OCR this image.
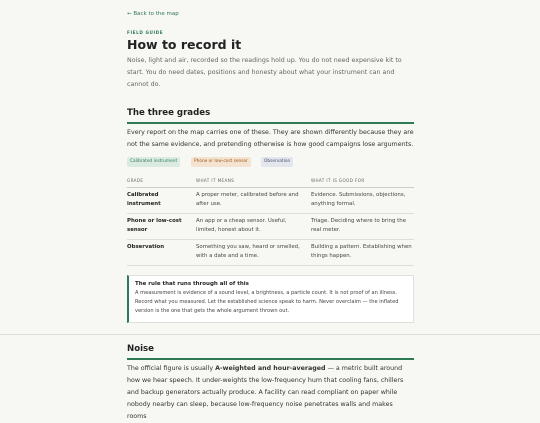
← Back to the map
FIELD GUIDE
How to record it

Noise, light and air, recorded so the readings hold up. You do not need expensive kit to start. You do need dates, positions and honesty about what your instrument can and cannot do.

The three grades

Every report on the map carries one of these. They are shown differently because they are not the same evidence, and pretending otherwise is how good campaigns lose arguments.

Calibrated instrument	Phone or low-cost sensor	Observation
GRADE	WHAT IT MEANS	WHAT IT IS GOOD FOR
Calibrated instrument	A proper meter, calibrated before and after use.	Evidence. Submissions, objections, anything formal.
Phone or low-cost sensor	An app or a cheap sensor. Useful, limited, honest about it.	Triage. Deciding where to bring the real meter.
Observation	Something you saw, heard or smelled, with a date and a time.	Building a pattern. Establishing when things happen.
The rule that runs through all of this
A measurement is evidence of a sound level, a brightness, a particle count. It is not proof of an illness. Record what you measured. Let the established science speak to harm. Never overclaim — the inflated version is the one that gets the whole argument thrown out.
Noise

The official figure is usually A-weighted and hour-averaged — a metric built around how we hear speech. It under-weights the low-frequency hum that cooling fans, chillers and backup generators actually produce. A facility can read compliant on paper while nobody nearby can sleep, because low-frequency noise penetrates walls and makes rooms
